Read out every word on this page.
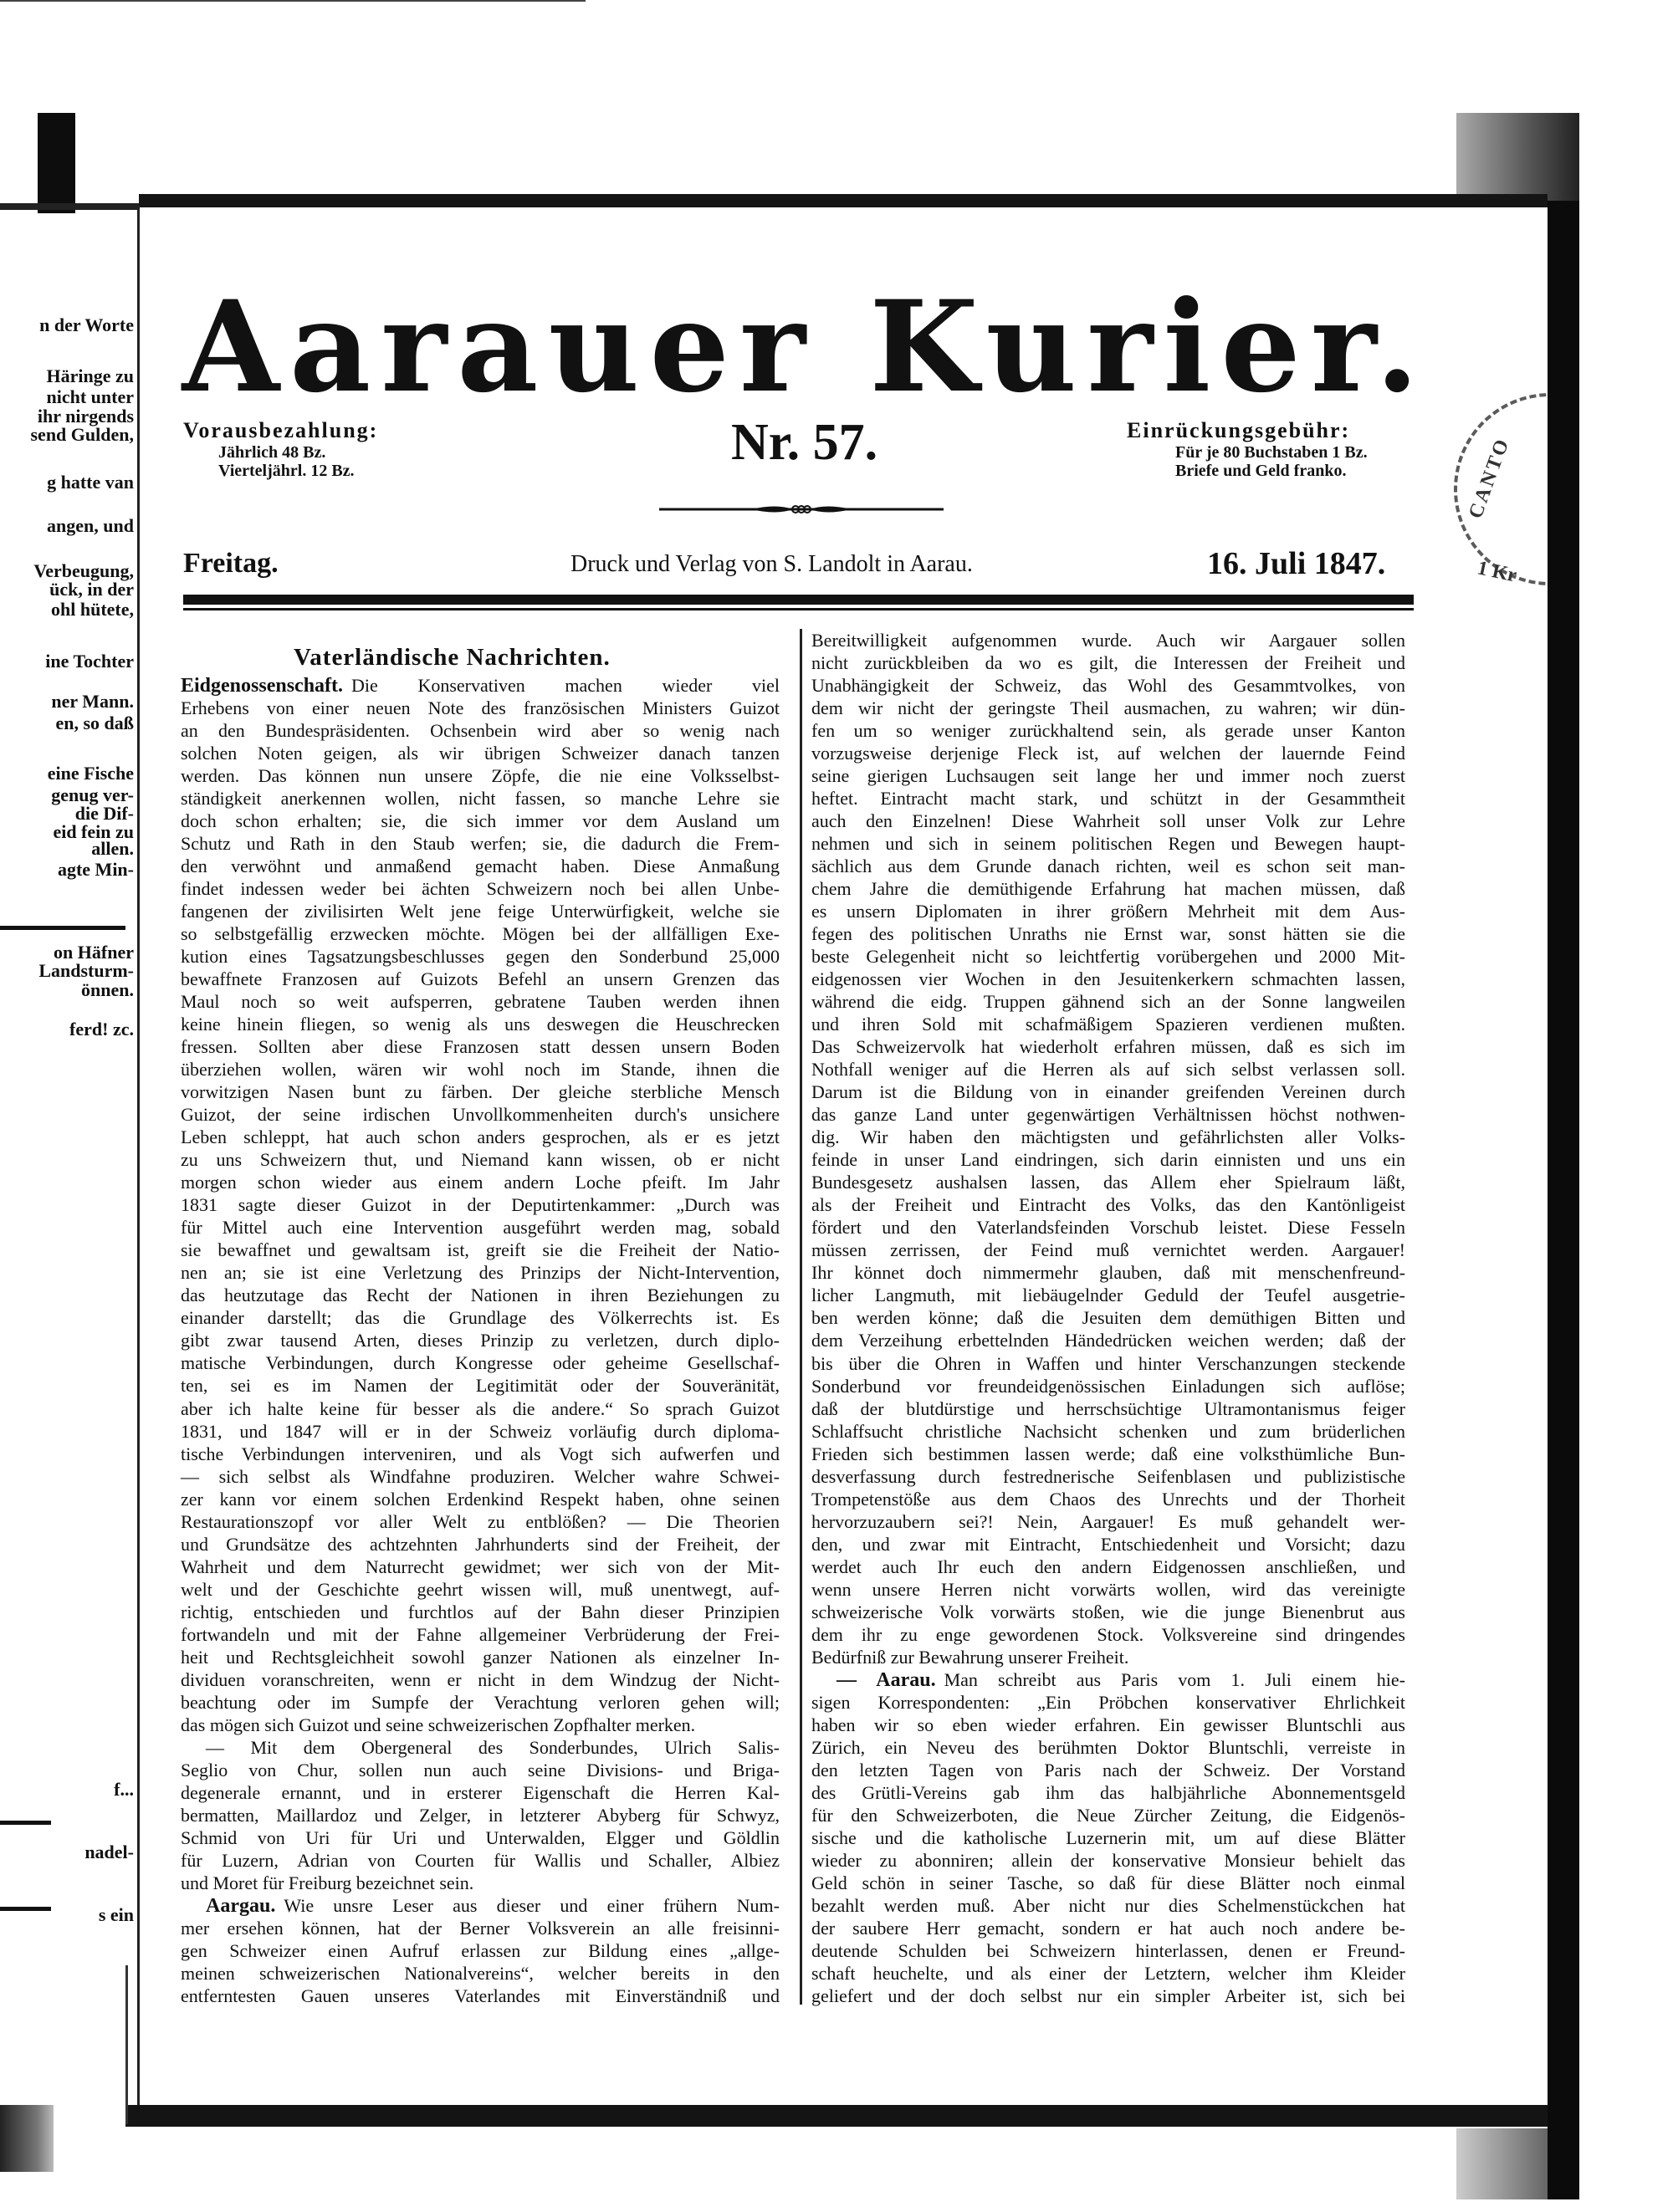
n der Worte
Häringe zu
nicht unter
ihr nirgends
send Gulden,
g hatte van
angen, und
Verbeugung,
ück, in der
ohl hütete,
ine Tochter
ner Mann.
en, so daß
eine Fische
genug ver-
die Dif-
eid fein zu
allen.
agte Min-
on Häfner
Landsturm-
önnen.
ferd! zc.
f...
nadel-
s ein
CANTO
1 Kr
Aarauer Kurier.
Vorausbezahlung:
Jährlich 48 Bz.
Vierteljährl. 12 Bz.	Nr. 57.	Einrückungsgebühr:
Für je 80 Buchstaben 1 Bz.
Briefe und Geld franko.
Freitag.	Druck und Verlag von S. Landolt in Aarau.	16. Juli 1847.
Vaterländische Nachrichten.
Eidgenossenschaft. Die Konservativen machen wieder viel
Erhebens von einer neuen Note des französischen Ministers Guizot
an den Bundespräsidenten. Ochsenbein wird aber so wenig nach
solchen Noten geigen, als wir übrigen Schweizer danach tanzen
werden. Das können nun unsere Zöpfe, die nie eine Volksselbst-
ständigkeit anerkennen wollen, nicht fassen, so manche Lehre sie
doch schon erhalten; sie, die sich immer vor dem Ausland um
Schutz und Rath in den Staub werfen; sie, die dadurch die Frem-
den verwöhnt und anmaßend gemacht haben. Diese Anmaßung
findet indessen weder bei ächten Schweizern noch bei allen Unbe-
fangenen der zivilisirten Welt jene feige Unterwürfigkeit, welche sie
so selbstgefällig erzwecken möchte. Mögen bei der allfälligen Exe-
kution eines Tagsatzungsbeschlusses gegen den Sonderbund 25,000
bewaffnete Franzosen auf Guizots Befehl an unsern Grenzen das
Maul noch so weit aufsperren, gebratene Tauben werden ihnen
keine hinein fliegen, so wenig als uns deswegen die Heuschrecken
fressen. Sollten aber diese Franzosen statt dessen unsern Boden
überziehen wollen, wären wir wohl noch im Stande, ihnen die
vorwitzigen Nasen bunt zu färben. Der gleiche sterbliche Mensch
Guizot, der seine irdischen Unvollkommenheiten durch's unsichere
Leben schleppt, hat auch schon anders gesprochen, als er es jetzt
zu uns Schweizern thut, und Niemand kann wissen, ob er nicht
morgen schon wieder aus einem andern Loche pfeift. Im Jahr
1831 sagte dieser Guizot in der Deputirtenkammer: „Durch was
für Mittel auch eine Intervention ausgeführt werden mag, sobald
sie bewaffnet und gewaltsam ist, greift sie die Freiheit der Natio-
nen an; sie ist eine Verletzung des Prinzips der Nicht-Intervention,
das heutzutage das Recht der Nationen in ihren Beziehungen zu
einander darstellt; das die Grundlage des Völkerrechts ist. Es
gibt zwar tausend Arten, dieses Prinzip zu verletzen, durch diplo-
matische Verbindungen, durch Kongresse oder geheime Gesellschaf-
ten, sei es im Namen der Legitimität oder der Souveränität,
aber ich halte keine für besser als die andere.“ So sprach Guizot
1831, und 1847 will er in der Schweiz vorläufig durch diploma-
tische Verbindungen interveniren, und als Vogt sich aufwerfen und
— sich selbst als Windfahne produziren. Welcher wahre Schwei-
zer kann vor einem solchen Erdenkind Respekt haben, ohne seinen
Restaurationszopf vor aller Welt zu entblößen? — Die Theorien
und Grundsätze des achtzehnten Jahrhunderts sind der Freiheit, der
Wahrheit und dem Naturrecht gewidmet; wer sich von der Mit-
welt und der Geschichte geehrt wissen will, muß unentwegt, auf-
richtig, entschieden und furchtlos auf der Bahn dieser Prinzipien
fortwandeln und mit der Fahne allgemeiner Verbrüderung der Frei-
heit und Rechtsgleichheit sowohl ganzer Nationen als einzelner In-
dividuen voranschreiten, wenn er nicht in dem Windzug der Nicht-
beachtung oder im Sumpfe der Verachtung verloren gehen will;
das mögen sich Guizot und seine schweizerischen Zopfhalter merken.
— Mit dem Obergeneral des Sonderbundes, Ulrich Salis-
Seglio von Chur, sollen nun auch seine Divisions- und Briga-
degenerale ernannt, und in ersterer Eigenschaft die Herren Kal-
bermatten, Maillardoz und Zelger, in letzterer Abyberg für Schwyz,
Schmid von Uri für Uri und Unterwalden, Elgger und Göldlin
für Luzern, Adrian von Courten für Wallis und Schaller, Albiez
und Moret für Freiburg bezeichnet sein.
Aargau. Wie unsre Leser aus dieser und einer frühern Num-
mer ersehen können, hat der Berner Volksverein an alle freisinni-
gen Schweizer einen Aufruf erlassen zur Bildung eines „allge-
meinen schweizerischen Nationalvereins“, welcher bereits in den
entferntesten Gauen unseres Vaterlandes mit Einverständniß und
Bereitwilligkeit aufgenommen wurde. Auch wir Aargauer sollen
nicht zurückbleiben da wo es gilt, die Interessen der Freiheit und
Unabhängigkeit der Schweiz, das Wohl des Gesammtvolkes, von
dem wir nicht der geringste Theil ausmachen, zu wahren; wir dün-
fen um so weniger zurückhaltend sein, als gerade unser Kanton
vorzugsweise derjenige Fleck ist, auf welchen der lauernde Feind
seine gierigen Luchsaugen seit lange her und immer noch zuerst
heftet. Eintracht macht stark, und schützt in der Gesammtheit
auch den Einzelnen! Diese Wahrheit soll unser Volk zur Lehre
nehmen und sich in seinem politischen Regen und Bewegen haupt-
sächlich aus dem Grunde danach richten, weil es schon seit man-
chem Jahre die demüthigende Erfahrung hat machen müssen, daß
es unsern Diplomaten in ihrer größern Mehrheit mit dem Aus-
fegen des politischen Unraths nie Ernst war, sonst hätten sie die
beste Gelegenheit nicht so leichtfertig vorübergehen und 2000 Mit-
eidgenossen vier Wochen in den Jesuitenkerkern schmachten lassen,
während die eidg. Truppen gähnend sich an der Sonne langweilen
und ihren Sold mit schafmäßigem Spazieren verdienen mußten.
Das Schweizervolk hat wiederholt erfahren müssen, daß es sich im
Nothfall weniger auf die Herren als auf sich selbst verlassen soll.
Darum ist die Bildung von in einander greifenden Vereinen durch
das ganze Land unter gegenwärtigen Verhältnissen höchst nothwen-
dig. Wir haben den mächtigsten und gefährlichsten aller Volks-
feinde in unser Land eindringen, sich darin einnisten und uns ein
Bundesgesetz aushalsen lassen, das Allem eher Spielraum läßt,
als der Freiheit und Eintracht des Volks, das den Kantönligeist
fördert und den Vaterlandsfeinden Vorschub leistet. Diese Fesseln
müssen zerrissen, der Feind muß vernichtet werden. Aargauer!
Ihr könnet doch nimmermehr glauben, daß mit menschenfreund-
licher Langmuth, mit liebäugelnder Geduld der Teufel ausgetrie-
ben werden könne; daß die Jesuiten dem demüthigen Bitten und
dem Verzeihung erbettelnden Händedrücken weichen werden; daß der
bis über die Ohren in Waffen und hinter Verschanzungen steckende
Sonderbund vor freundeidgenössischen Einladungen sich auflöse;
daß der blutdürstige und herrschsüchtige Ultramontanismus feiger
Schlaffsucht christliche Nachsicht schenken und zum brüderlichen
Frieden sich bestimmen lassen werde; daß eine volksthümliche Bun-
desverfassung durch festrednerische Seifenblasen und publizistische
Trompetenstöße aus dem Chaos des Unrechts und der Thorheit
hervorzuzaubern sei?! Nein, Aargauer! Es muß gehandelt wer-
den, und zwar mit Eintracht, Entschiedenheit und Vorsicht; dazu
werdet auch Ihr euch den andern Eidgenossen anschließen, und
wenn unsere Herren nicht vorwärts wollen, wird das vereinigte
schweizerische Volk vorwärts stoßen, wie die junge Bienenbrut aus
dem ihr zu enge gewordenen Stock. Volksvereine sind dringendes
Bedürfniß zur Bewahrung unserer Freiheit.
— Aarau. Man schreibt aus Paris vom 1. Juli einem hie-
sigen Korrespondenten: „Ein Pröbchen konservativer Ehrlichkeit
haben wir so eben wieder erfahren. Ein gewisser Bluntschli aus
Zürich, ein Neveu des berühmten Doktor Bluntschli, verreiste in
den letzten Tagen von Paris nach der Schweiz. Der Vorstand
des Grütli-Vereins gab ihm das halbjährliche Abonnementsgeld
für den Schweizerboten, die Neue Zürcher Zeitung, die Eidgenös-
sische und die katholische Luzernerin mit, um auf diese Blätter
wieder zu abonniren; allein der konservative Monsieur behielt das
Geld schön in seiner Tasche, so daß für diese Blätter noch einmal
bezahlt werden muß. Aber nicht nur dies Schelmenstückchen hat
der saubere Herr gemacht, sondern er hat auch noch andere be-
deutende Schulden bei Schweizern hinterlassen, denen er Freund-
schaft heuchelte, und als einer der Letztern, welcher ihm Kleider
geliefert und der doch selbst nur ein simpler Arbeiter ist, sich bei
